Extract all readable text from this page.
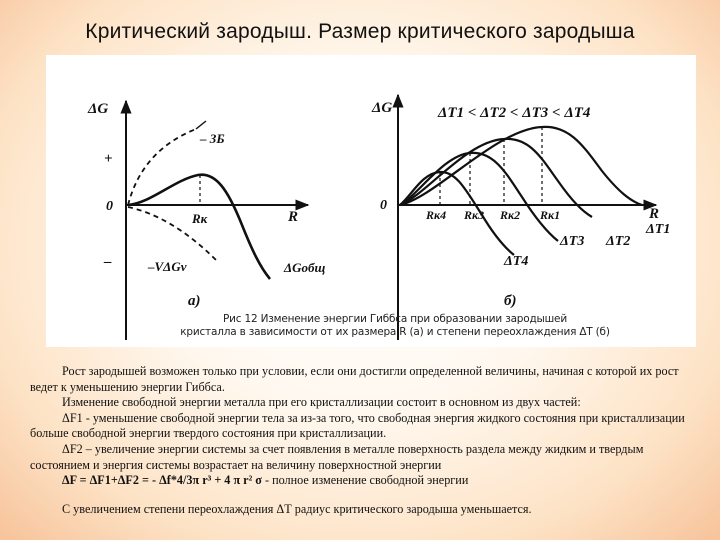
Критический зародыш. Размер критического зародыша
ΔG
+
0
–
R
– ЗБ
–VΔGv
Rк
ΔGобщ
а)
ΔG
0
R
ΔT1 < ΔT2 < ΔT3 < ΔT4
Rк4 Rк3 Rк2 Rк1
ΔT1
ΔT2
ΔT3
ΔT4
б)
Рис 12 Изменение энергии Гиббса при образовании зародышей
кристалла в зависимости от их размера R (а) и степени переохлаждения ΔТ (б)

Рост зародышей возможен только при условии, если они достигли определенной величины, начиная с которой их рост ведет к уменьшению энергии Гиббса.

Изменение свободной энергии металла при его кристаллизации состоит в основном из двух частей:

ΔF1 - уменьшение свободной энергии тела за из-за того, что свободная энергия жидкого состояния при кристаллизации больше свободной энергии твердого состояния при кристаллизации.

ΔF2 – увеличение энергии системы за счет появления в металле поверхность раздела между жидким и твердым состоянием и энергия системы возрастает на величину поверхностной энергии

ΔF = ΔF1+ΔF2 = - Δf*4/3π r³ + 4 π r² σ - полное изменение свободной энергии

С увеличением степени переохлаждения ΔТ радиус критического зародыша уменьшается.
